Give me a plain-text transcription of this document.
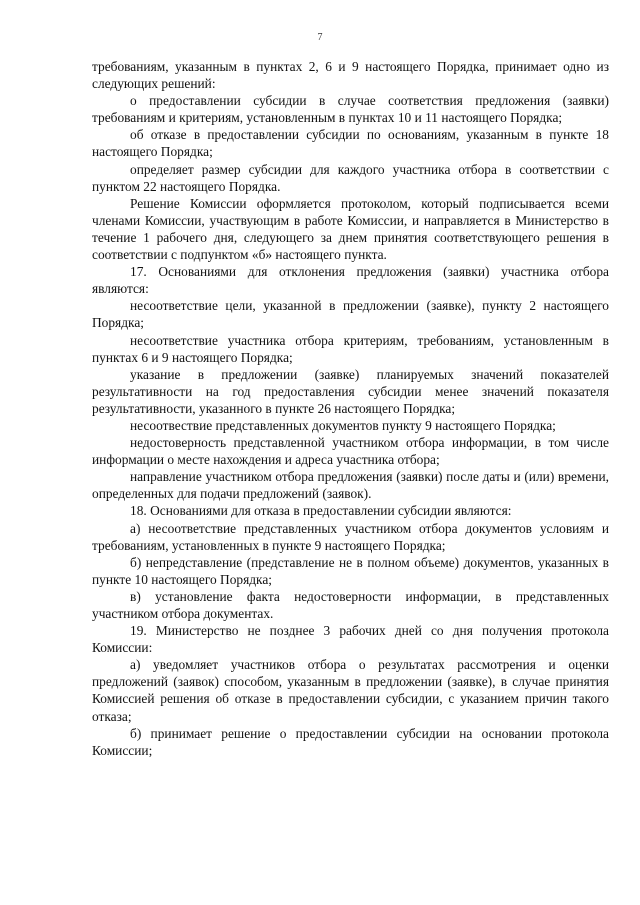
7

требованиям, указанным в пунктах 2, 6 и 9 настоящего Порядка, принимает одно из следующих решений:

о предоставлении субсидии в случае соответствия предложения (заявки) требованиям и критериям, установленным в пунктах 10 и 11 настоящего Порядка;

об отказе в предоставлении субсидии по основаниям, указанным в пункте 18 настоящего Порядка;

определяет размер субсидии для каждого участника отбора в соответствии с пунктом 22 настоящего Порядка.

Решение Комиссии оформляется протоколом, который подписывается всеми членами Комиссии, участвующим в работе Комиссии, и направляется в Министерство в течение 1 рабочего дня, следующего за днем принятия соответствующего решения в соответствии с подпунктом «б» настоящего пункта.

17. Основаниями для отклонения предложения (заявки) участника отбора являются:

несоответствие цели, указанной в предложении (заявке), пункту 2 настоящего Порядка;

несоответствие участника отбора критериям, требованиям, установленным в пунктах 6 и 9 настоящего Порядка;

указание в предложении (заявке) планируемых значений показателей результативности на год предоставления субсидии менее значений показателя результативности, указанного в пункте 26 настоящего Порядка;

несоотвествие представленных документов пункту 9 настоящего Порядка;

недостоверность представленной участником отбора информации, в том числе информации о месте нахождения и адреса участника отбора;

направление участником отбора предложения (заявки) после даты и (или) времени, определенных для подачи предложений (заявок).

18. Основаниями для отказа в предоставлении субсидии являются:

а) несоответствие представленных участником отбора документов условиям и требованиям, установленных в пункте 9 настоящего Порядка;

б) непредставление (представление не в полном объеме) документов, указанных в пункте 10 настоящего Порядка;

в) установление факта недостоверности информации, в представленных участником отбора документах.

19. Министерство не позднее 3 рабочих дней со дня получения протокола Комиссии:

а) уведомляет участников отбора о результатах рассмотрения и оценки предложений (заявок) способом, указанным в предложении (заявке), в случае принятия Комиссией решения об отказе в предоставлении субсидии, с указанием причин такого отказа;

б) принимает решение о предоставлении субсидии на основании протокола Комиссии;
